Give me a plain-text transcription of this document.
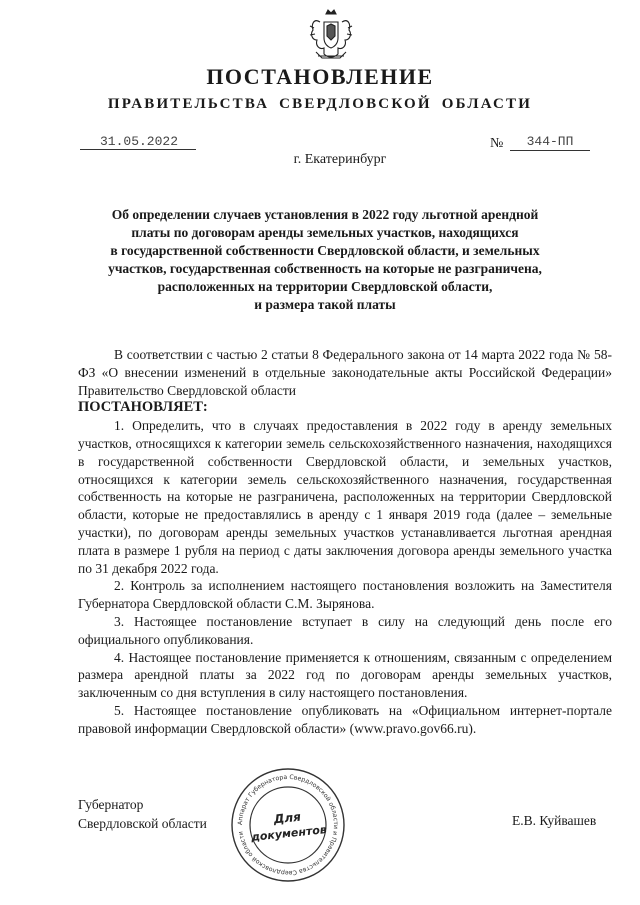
ПОСТАНОВЛЕНИЕ
ПРАВИТЕЛЬСТВА СВЕРДЛОВСКОЙ ОБЛАСТИ
31.05.2022	№	344-ПП
г. Екатеринбург
Об определении случаев установления в 2022 году льготной арендной
платы по договорам аренды земельных участков, находящихся
в государственной собственности Свердловской области, и земельных
участков, государственная собственность на которые не разграничена,
расположенных на территории Свердловской области,
и размера такой платы

В соответствии с частью 2 статьи 8 Федерального закона от 14 марта 2022 года № 58-ФЗ «О внесении изменений в отдельные законодательные акты Российской Федерации» Правительство Свердловской области

ПОСТАНОВЛЯЕТ:

1. Определить, что в случаях предоставления в 2022 году в аренду земельных участков, относящихся к категории земель сельскохозяйственного назначения, находящихся в государственной собственности Свердловской области, и земельных участков, относящихся к категории земель сельскохозяйственного назначения, государственная собственность на которые не разграничена, расположенных на территории Свердловской области, которые не предоставлялись в аренду с 1 января 2019 года (далее – земельные участки), по договорам аренды земельных участков устанавливается льготная арендная плата в размере 1 рубля на период с даты заключения договора аренды земельного участка по 31 декабря 2022 года.

2. Контроль за исполнением настоящего постановления возложить на Заместителя Губернатора Свердловской области С.М. Зырянова.

3. Настоящее постановление вступает в силу на следующий день после его официального опубликования.

4. Настоящее постановление применяется к отношениям, связанным с определением размера арендной платы за 2022 год по договорам аренды земельных участков, заключенным со дня вступления в силу настоящего постановления.

5. Настоящее постановление опубликовать на «Официальном интернет-портале правовой информации Свердловской области» (www.pravo.gov66.ru).

Губернатор
Свердловской области	Е.В. Куйвашев
Аппарат Губернатора Свердловской области и Правительства Свердловской области
Для
документов
